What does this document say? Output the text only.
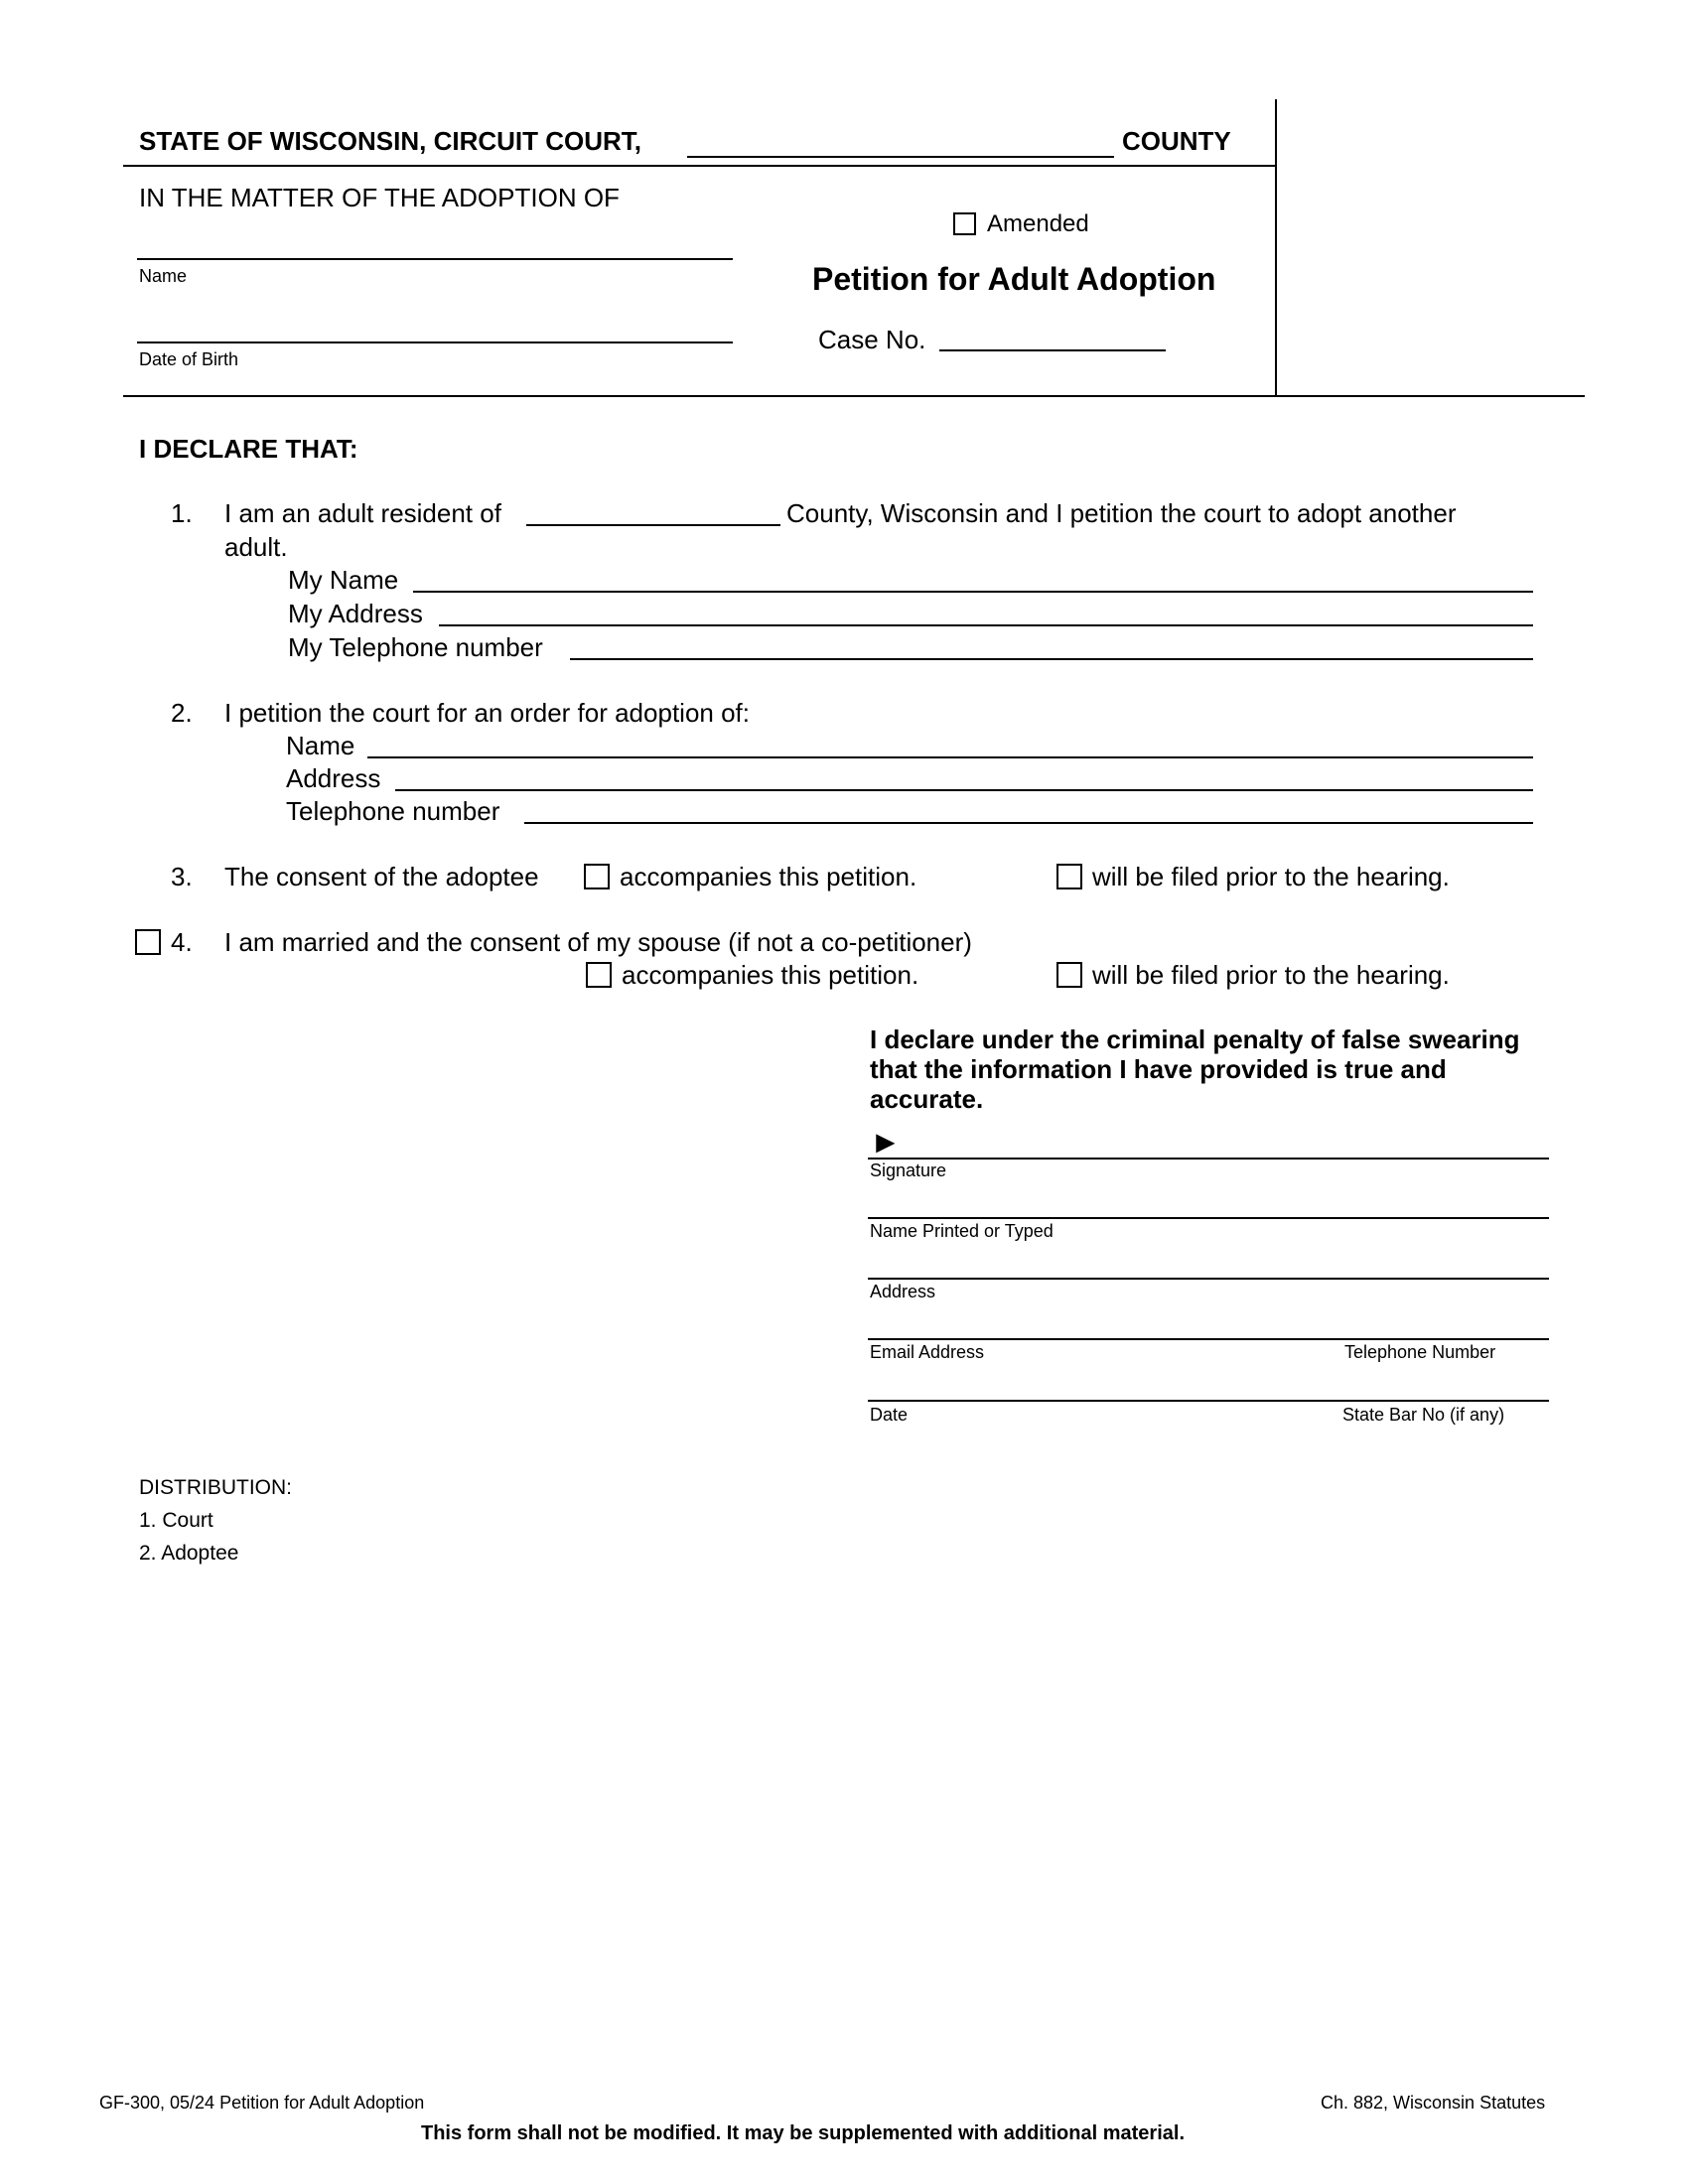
STATE OF WISCONSIN, CIRCUIT COURT,	COUNTY
IN THE MATTER OF THE ADOPTION OF
Name
Date of Birth
Amended
Petition for Adult Adoption
Case No.
I DECLARE THAT:
1. I am an adult resident of	County, Wisconsin and I petition the court to adopt another
adult.
My Name
My Address
My Telephone number
2. I petition the court for an order for adoption of:
Name
Address
Telephone number
3. The consent of the adoptee	accompanies this petition.	will be filed prior to the hearing.
4. I am married and the consent of my spouse (if not a co-petitioner)
accompanies this petition.	will be filed prior to the hearing.
I declare under the criminal penalty of false swearing
that the information I have provided is true and
accurate.
►
Signature
Name Printed or Typed
Address
Email Address	Telephone Number
Date	State Bar No (if any)
DISTRIBUTION:
1. Court
2. Adoptee
GF-300, 05/24 Petition for Adult Adoption	Ch. 882, Wisconsin Statutes
This form shall not be modified. It may be supplemented with additional material.
